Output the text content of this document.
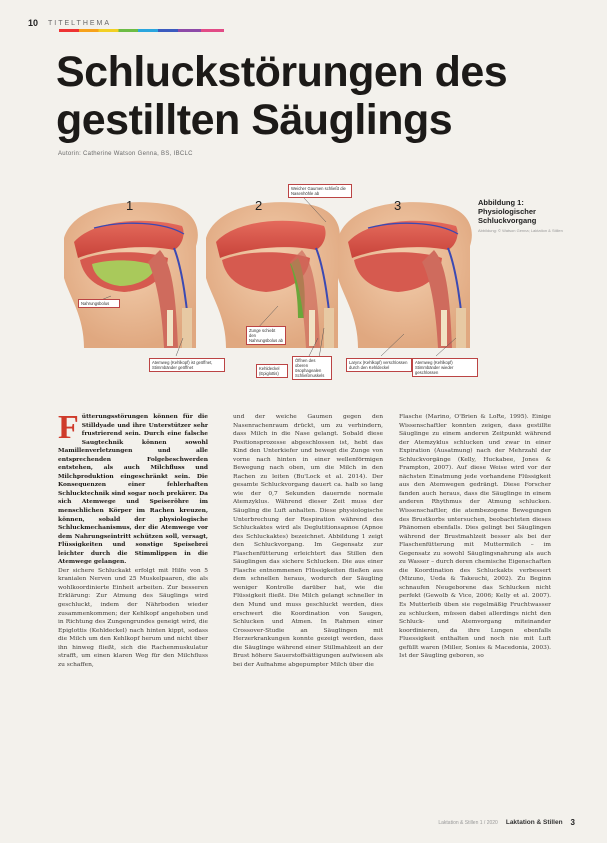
10 TITELTHEMA
Schluckstörungen des
gestillten Säuglings
Autorin: Catherine Watson Genna, BS, IBCLC
1	2	3
Nahrungsbolus
Weicher Gaumen schließt die Nasenhöhle ab
Atemweg (Kehlkopf) ist geöffnet, Stimmbänder geöffnet
Zunge schiebt den Nahrungsbolus ab
Kehldeckel (Epiglottis)
Öffnen des oberen ösophagealen Schließmuskels
Larynx (Kehlkopf) verschlossen durch den Kehldeckel
Atemweg (Kehlkopf) Stimmbänder wieder geschlossen
Abbildung 1:
Physiologischer
Schluckvorgang
Abbildung: © Watson Genna; Laktation & Stillen

Fütterungsstörungen können für die Stilldyade und ihre Unterstützer sehr frustrierend sein. Durch eine falsche Saugtechnik können sowohl Mamillenverletzungen und alle entsprechenden Folgebeschwerden entstehen, als auch Milchfluss und Milchproduktion eingeschränkt sein. Die Konsequenzen einer fehlerhaften Schlucktechnik sind sogar noch prekärer. Da sich Atemwege und Speiseröhre im menschlichen Körper im Rachen kreuzen, können, sobald der physiologische Schluckmechanismus, der die Atemwege vor dem Nahrungseintritt schützen soll, versagt, Flüssigkeiten und sonstige Speisebrei leichter durch die Stimmlippen in die Atemwege gelangen.

Der sichere Schluckakt erfolgt mit Hilfe von 5 kranialen Nerven und 25 Muskelpaaren, die als wohlkoordinierte Einheit arbeiten. Zur besseren Erklärung: Zur Atmung des Säuglings wird geschluckt, indem der Nährboden wieder zusammenkommen; der Kehlkopf angehoben und in Richtung des Zungengrundes geneigt wird, die Epiglottis (Kehldeckel) nach hinten kippt, sodass die Milch um den Kehlkopf herum und nicht über ihn hinweg fließt, sich die Rachenmuskulatur strafft, um einen klaren Weg für den Milchfluss zu schaffen,

und der weiche Gaumen gegen den Nasenrachenraum drückt, um zu verhindern, dass Milch in die Nase gelangt. Sobald diese Positionsprozesse abgeschlossen ist, hebt das Kind den Unterkiefer und bewegt die Zunge von vorne nach hinten in einer wellenförmigen Bewegung nach oben, um die Milch in den Rachen zu leiten (Bu'Lock et al. 2014). Der gesamte Schluckvorgang dauert ca. halb so lang wie der 0,7 Sekunden dauernde normale Atemzyklus. Während dieser Zeit muss der Säugling die Luft anhalten. Diese physiologische Unterbrechung der Respiration während des Schluckaktes wird als Deglutitionsapnoe (Apnoe des Schluckaktes) bezeichnet. Abbildung 1 zeigt den Schluckvorgang. Im Gegensatz zur Flaschenfütterung erleichtert das Stillen den Säuglingen das sichere Schlucken. Die aus einer Flasche entnommenen Flüssigkeiten fließen aus dem schnellen heraus, wodurch der Säugling weniger Kontrolle darüber hat, wie die Flüssigkeit fließt. Die Milch gelangt schneller in den Mund und muss geschluckt werden, dies erschwert die Koordination von Saugen, Schlucken und Atmen. In Rahmen einer Crossover-Studie an Säuglingen mit Herzerkrankungen konnte gezeigt werden, dass die Säuglinge während einer Stillmahlzeit an der Brust höhere Sauerstoffsättigungen aufwiesen als bei der Aufnahme abgepumpter Milch über die

Flasche (Marino, O'Brien & LoRe, 1995). Einige Wissenschaftler konnten zeigen, dass gestillte Säuglinge zu einem anderen Zeitpunkt während der Atemzyklus schlucken und zwar in einer Expiration (Ausatmung) nach der Mehrzahl der Schluckvorgänge (Kelly, Huckabee, Jones & Frampton, 2007). Auf diese Weise wird vor der nächsten Einatmung jede vorhandene Flüssigkeit aus den Atemwegen gedrängt. Diese Forscher fanden auch heraus, dass die Säuglinge in einem anderen Rhythmus der Atmung schlucken. Wissenschaftler, die atembezogene Bewegungen des Brustkorbs untersuchen, beobachteten dieses Phänomen ebenfalls. Dies gelingt bei Säuglingen während der Brustmahlzeit besser als bei der Flaschenfütterung mit Muttermilch – im Gegensatz zu sowohl Säuglingsnahrung als auch zu Wasser – durch deren chemische Eigenschaften die Koordination des Schluckakts verbessert (Mizuno, Ueda & Takeuchi, 2002). Zu Beginn schnaufen Neugeborene das Schlucken nicht perfekt (Gewolb & Vice, 2006; Kelly et al. 2007). Es Mutterleib üben sie regelmäßig Fruchtwasser zu schlucken, müssen dabei allerdings nicht den Schluck- und Atemvorgang miteinander koordinieren, da ihre Lungen ebenfalls Fluessigkeit enthalten und noch nie mit Luft gefüllt waren (Miller, Sonies & Macedonia, 2003). Ist der Säugling geboren, so

Laktation & Stillen 1 / 2020 Laktation & Stillen 3
